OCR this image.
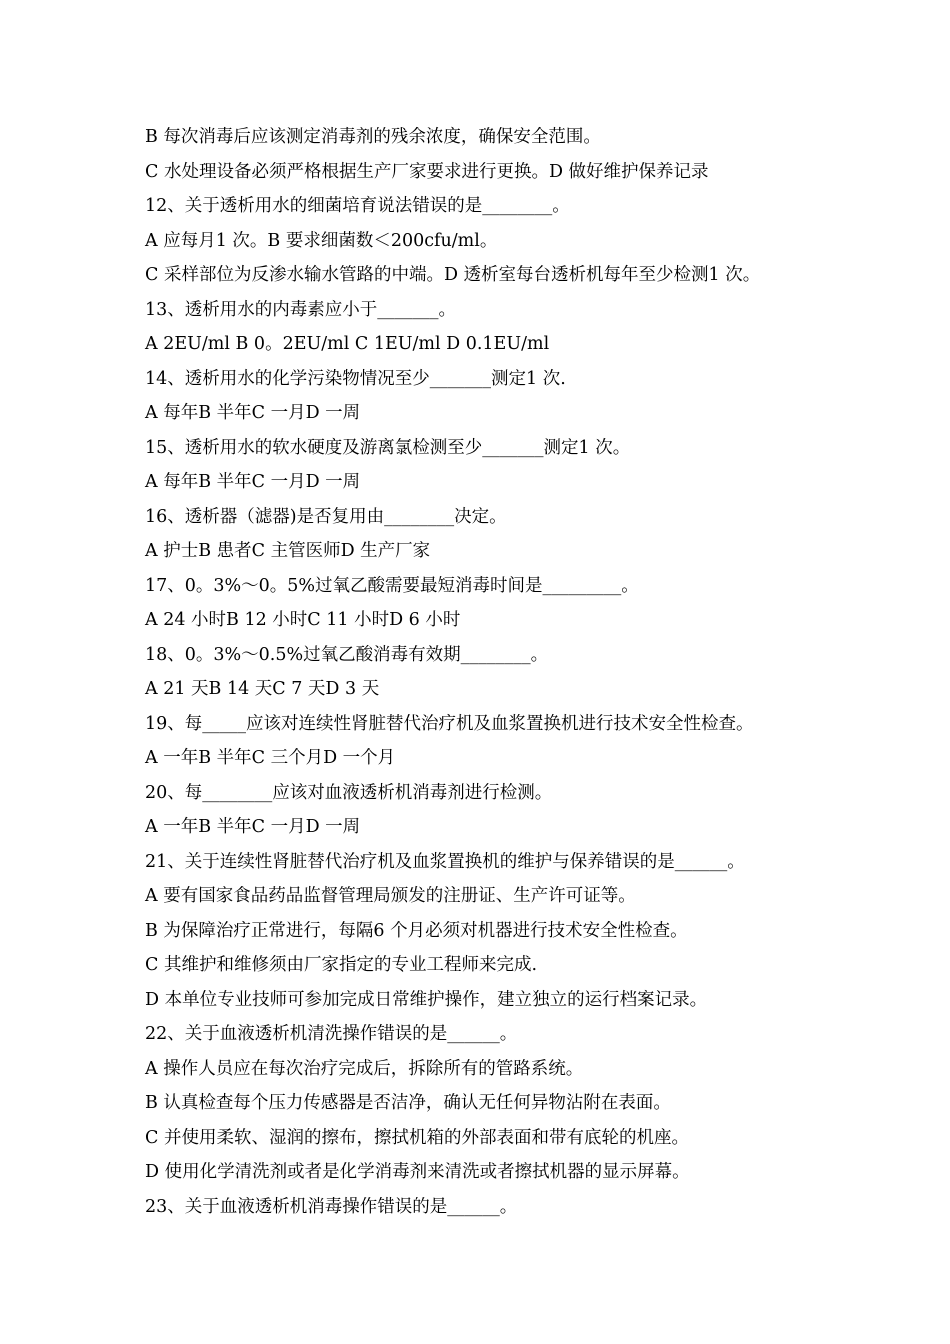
B 每次消毒后应该测定消毒剂的残余浓度，确保安全范围。
C 水处理设备必须严格根据生产厂家要求进行更换。D 做好维护保养记录
12、关于透析用水的细菌培育说法错误的是________。
A 应每月1 次。B 要求细菌数＜200cfu/ml。
C 采样部位为反渗水输水管路的中端。D 透析室每台透析机每年至少检测1 次。
13、透析用水的内毒素应小于_______。
A 2EU/ml B 0。2EU/ml C 1EU/ml D 0.1EU/ml
14、透析用水的化学污染物情况至少_______测定1 次.
A 每年B 半年C 一月D 一周
15、透析用水的软水硬度及游离氯检测至少_______测定1 次。
A 每年B 半年C 一月D 一周
16、透析器（滤器)是否复用由________决定。
A 护士B 患者C 主管医师D 生产厂家
17、0。3%～0。5%过氧乙酸需要最短消毒时间是_________。
A 24 小时B 12 小时C 11 小时D 6 小时
18、0。3%～0.5%过氧乙酸消毒有效期________。
A 21 天B 14 天C 7 天D 3 天
19、每_____应该对连续性肾脏替代治疗机及血浆置换机进行技术安全性检查。
A 一年B 半年C 三个月D 一个月
20、每________应该对血液透析机消毒剂进行检测。
A 一年B 半年C 一月D 一周
21、关于连续性肾脏替代治疗机及血浆置换机的维护与保养错误的是______。
A 要有国家食品药品监督管理局颁发的注册证、生产许可证等。
B 为保障治疗正常进行，每隔6 个月必须对机器进行技术安全性检查。
C 其维护和维修须由厂家指定的专业工程师来完成.
D 本单位专业技师可参加完成日常维护操作，建立独立的运行档案记录。
22、关于血液透析机清洗操作错误的是______。
A 操作人员应在每次治疗完成后，拆除所有的管路系统。
B 认真检查每个压力传感器是否洁净，确认无任何异物沾附在表面。
C 并使用柔软、湿润的擦布，擦拭机箱的外部表面和带有底轮的机座。
D 使用化学清洗剂或者是化学消毒剂来清洗或者擦拭机器的显示屏幕。
23、关于血液透析机消毒操作错误的是______。
